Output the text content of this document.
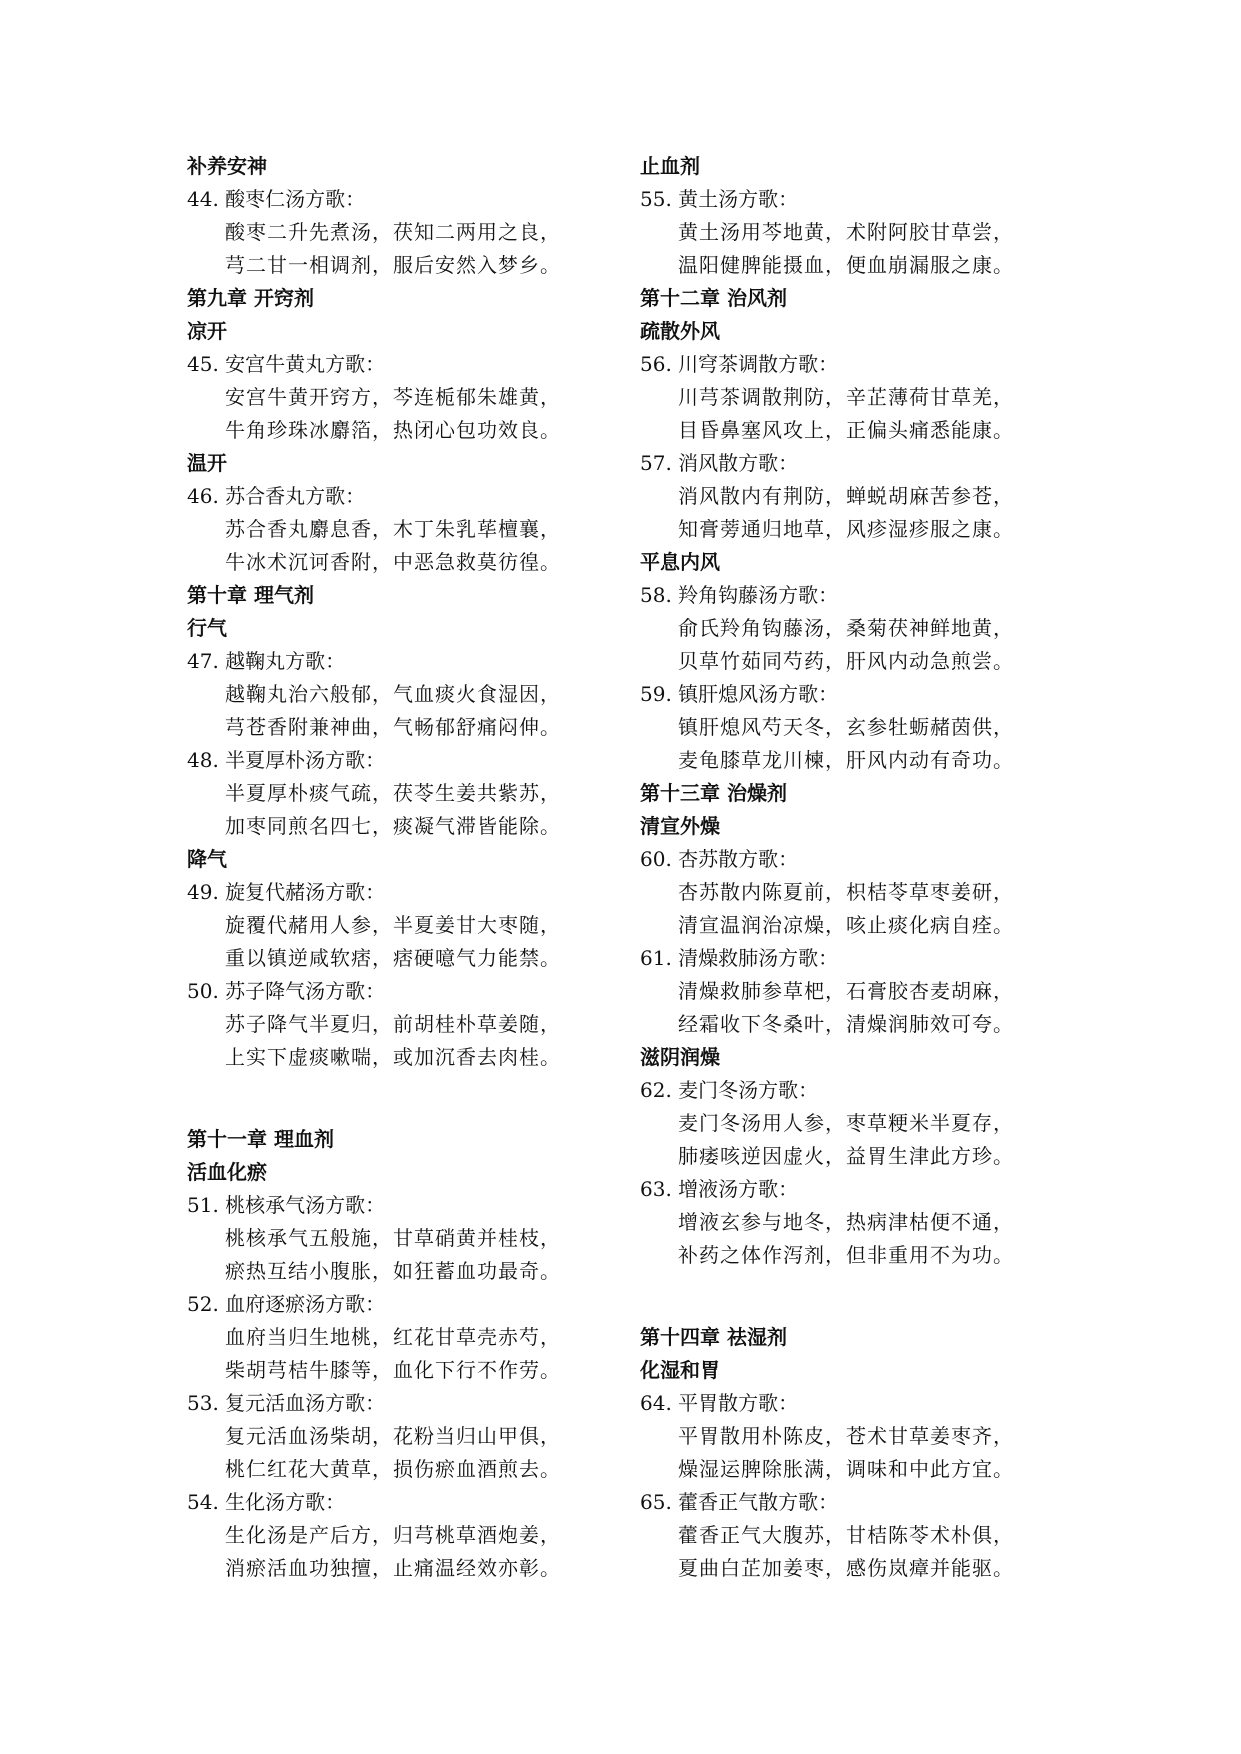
补养安神
44. 酸枣仁汤方歌：
酸枣二升先煮汤，茯知二两用之良，
芎二甘一相调剂，服后安然入梦乡。
第九章 开窍剂
凉开
45. 安宫牛黄丸方歌：
安宫牛黄开窍方，芩连栀郁朱雄黄，
牛角珍珠冰麝箔，热闭心包功效良。
温开
46. 苏合香丸方歌：
苏合香丸麝息香，木丁朱乳荜檀襄，
牛冰术沉诃香附，中恶急救莫彷徨。
第十章 理气剂
行气
47. 越鞠丸方歌：
越鞠丸治六般郁，气血痰火食湿因，
芎苍香附兼神曲，气畅郁舒痛闷伸。
48. 半夏厚朴汤方歌：
半夏厚朴痰气疏，茯苓生姜共紫苏，
加枣同煎名四七，痰凝气滞皆能除。
降气
49. 旋复代赭汤方歌：
旋覆代赭用人参，半夏姜甘大枣随，
重以镇逆咸软痞，痞硬噫气力能禁。
50. 苏子降气汤方歌：
苏子降气半夏归，前胡桂朴草姜随，
上实下虚痰嗽喘，或加沉香去肉桂。
第十一章 理血剂
活血化瘀
51. 桃核承气汤方歌：
桃核承气五般施，甘草硝黄并桂枝，
瘀热互结小腹胀，如狂蓄血功最奇。
52. 血府逐瘀汤方歌：
血府当归生地桃，红花甘草壳赤芍，
柴胡芎桔牛膝等，血化下行不作劳。
53. 复元活血汤方歌：
复元活血汤柴胡，花粉当归山甲俱，
桃仁红花大黄草，损伤瘀血酒煎去。
54. 生化汤方歌：
生化汤是产后方，归芎桃草酒炮姜，
消瘀活血功独擅，止痛温经效亦彰。
止血剂
55. 黄土汤方歌：
黄土汤用芩地黄，术附阿胶甘草尝，
温阳健脾能摄血，便血崩漏服之康。
第十二章 治风剂
疏散外风
56. 川穹茶调散方歌：
川芎茶调散荆防，辛芷薄荷甘草羌，
目昏鼻塞风攻上，正偏头痛悉能康。
57. 消风散方歌：
消风散内有荆防，蝉蜕胡麻苦参苍，
知膏蒡通归地草，风疹湿疹服之康。
平息内风
58. 羚角钩藤汤方歌：
俞氏羚角钩藤汤，桑菊茯神鲜地黄，
贝草竹茹同芍药，肝风内动急煎尝。
59. 镇肝熄风汤方歌：
镇肝熄风芍天冬，玄参牡蛎赭茵供，
麦龟膝草龙川楝，肝风内动有奇功。
第十三章 治燥剂
清宣外燥
60. 杏苏散方歌：
杏苏散内陈夏前，枳桔苓草枣姜研，
清宣温润治凉燥，咳止痰化病自痊。
61. 清燥救肺汤方歌：
清燥救肺参草杷，石膏胶杏麦胡麻，
经霜收下冬桑叶，清燥润肺效可夸。
滋阴润燥
62. 麦门冬汤方歌：
麦门冬汤用人参，枣草粳米半夏存，
肺痿咳逆因虚火，益胃生津此方珍。
63. 增液汤方歌：
增液玄参与地冬，热病津枯便不通，
补药之体作泻剂，但非重用不为功。
第十四章 祛湿剂
化湿和胃
64. 平胃散方歌：
平胃散用朴陈皮，苍术甘草姜枣齐，
燥湿运脾除胀满，调味和中此方宜。
65. 藿香正气散方歌：
藿香正气大腹苏，甘桔陈苓术朴俱，
夏曲白芷加姜枣，感伤岚瘴并能驱。
